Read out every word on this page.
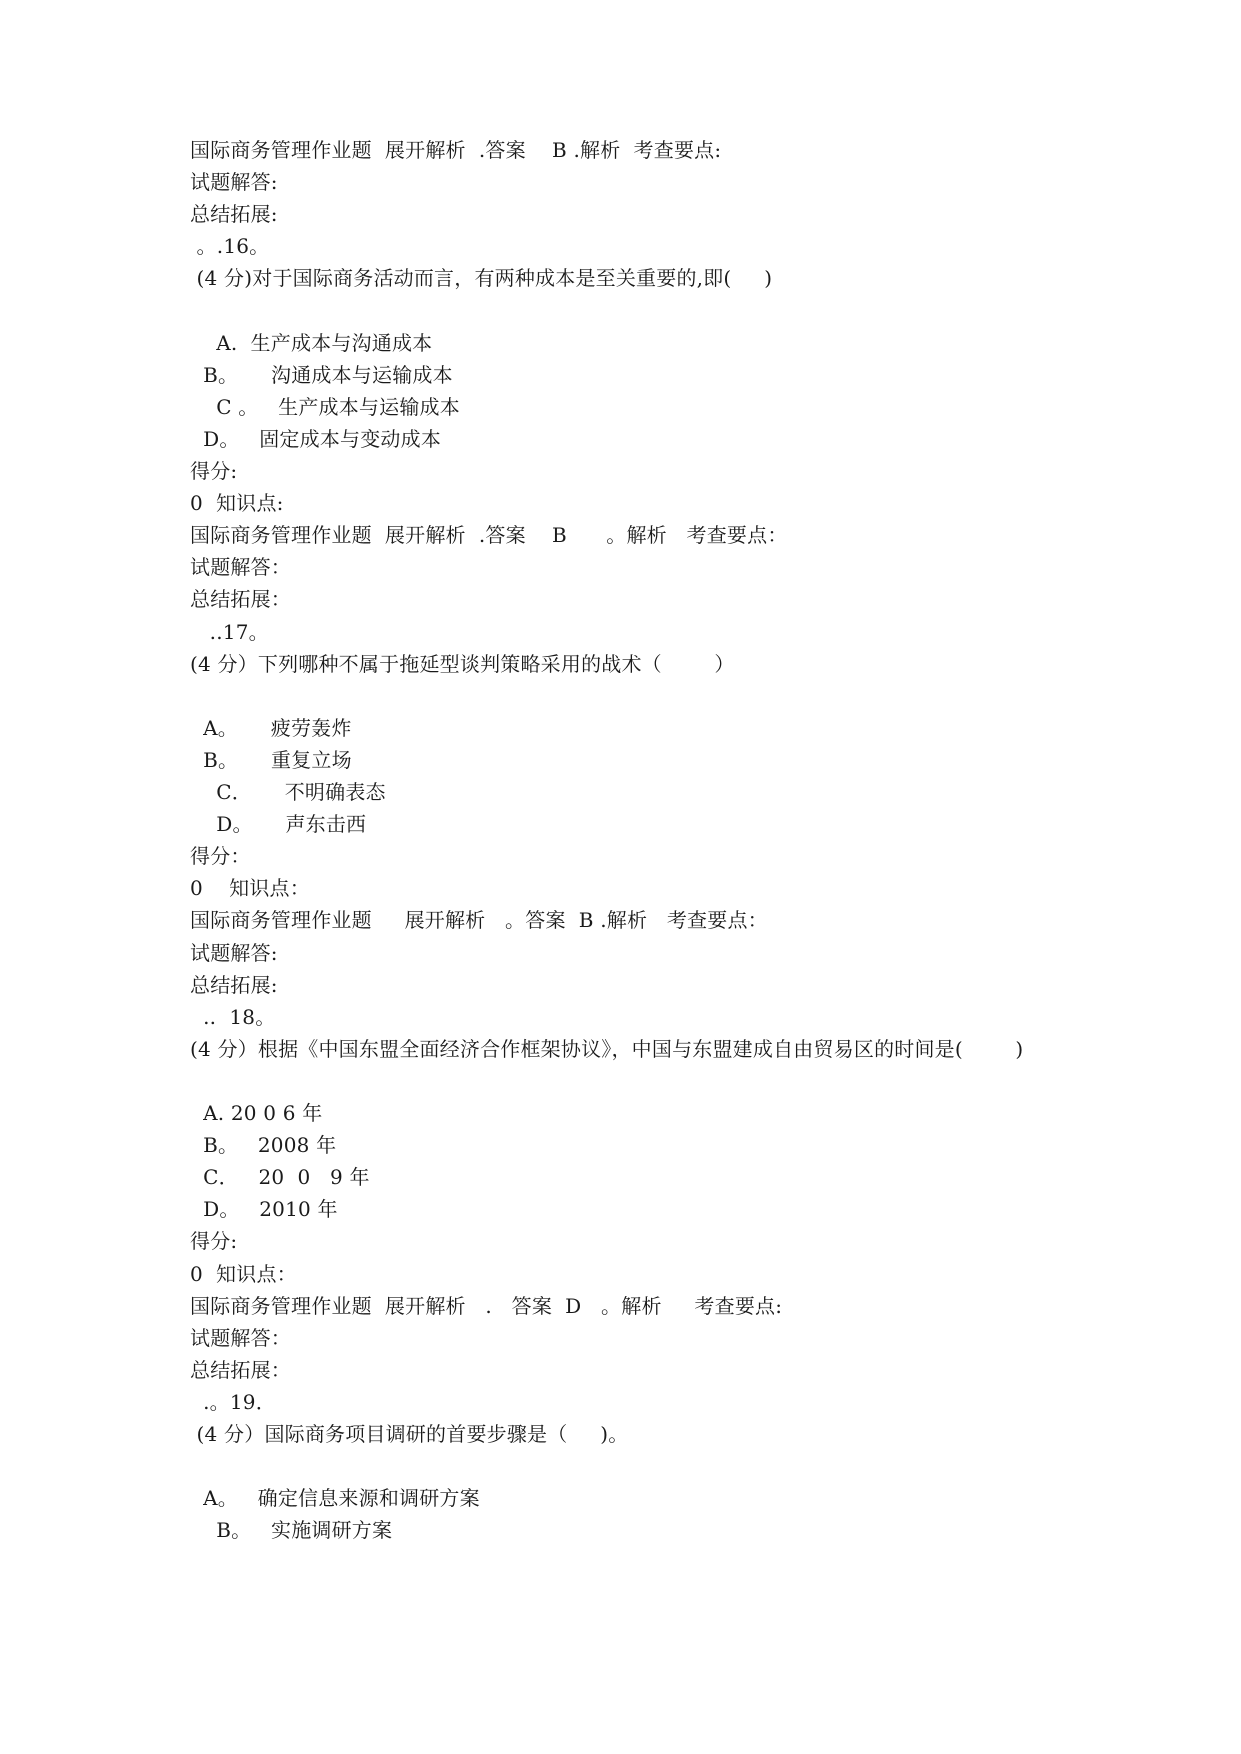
国际商务管理作业题  展开解析  .答案    B .解析  考查要点:
试题解答:
总结拓展:
。.16。
(4 分)对于国际商务活动而言，有两种成本是至关重要的,即(     )
A.  生产成本与沟通成本
B。     沟通成本与运输成本
C 。   生产成本与运输成本
D。   固定成本与变动成本
得分:
0  知识点:
国际商务管理作业题  展开解析  .答案    B      。解析   考查要点：
试题解答：
总结拓展：
..17。
(4 分）下列哪种不属于拖延型谈判策略采用的战术（        ）
A。     疲劳轰炸
B。     重复立场
C．     不明确表态
D。     声东击西
得分：
0    知识点：
国际商务管理作业题     展开解析   。答案  B .解析   考查要点：
试题解答:
总结拓展:
..  18。
(4 分）根据《中国东盟全面经济合作框架协议》，中国与东盟建成自由贸易区的时间是(        )
A. 20 0 6 年
B。   2008 年
C．   20  0   9 年
D。   2010 年
得分:
0  知识点：
国际商务管理作业题  展开解析   .   答案  D   。解析     考查要点:
试题解答：
总结拓展：
.。19．
(4 分）国际商务项目调研的首要步骤是（     )。
A。   确定信息来源和调研方案
B。   实施调研方案
